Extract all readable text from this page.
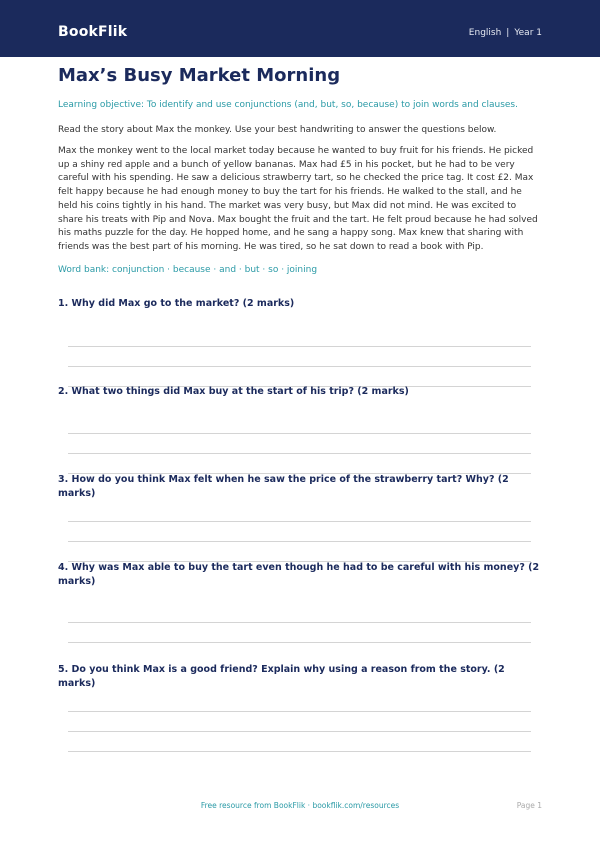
BookFlik	English | Year 1
Max’s Busy Market Morning
Learning objective: To identify and use conjunctions (and, but, so, because) to join words and clauses.
Read the story about Max the monkey. Use your best handwriting to answer the questions below.

Max the monkey went to the local market today because he wanted to buy fruit for his friends. He picked up a shiny red apple and a bunch of yellow bananas. Max had £5 in his pocket, but he had to be very careful with his spending. He saw a delicious strawberry tart, so he checked the price tag. It cost £2. Max felt happy because he had enough money to buy the tart for his friends. He walked to the stall, and he held his coins tightly in his hand. The market was very busy, but Max did not mind. He was excited to share his treats with Pip and Nova. Max bought the fruit and the tart. He felt proud because he had solved his maths puzzle for the day. He hopped home, and he sang a happy song. Max knew that sharing with friends was the best part of his morning. He was tired, so he sat down to read a book with Pip.

Word bank: conjunction · because · and · but · so · joining
1. Why did Max go to the market? (2 marks)
2. What two things did Max buy at the start of his trip? (2 marks)
3. How do you think Max felt when he saw the price of the strawberry tart? Why? (2 marks)
4. Why was Max able to buy the tart even though he had to be careful with his money? (2 marks)
5. Do you think Max is a good friend? Explain why using a reason from the story. (2 marks)
Free resource from BookFlik · bookflik.com/resources	Page 1
